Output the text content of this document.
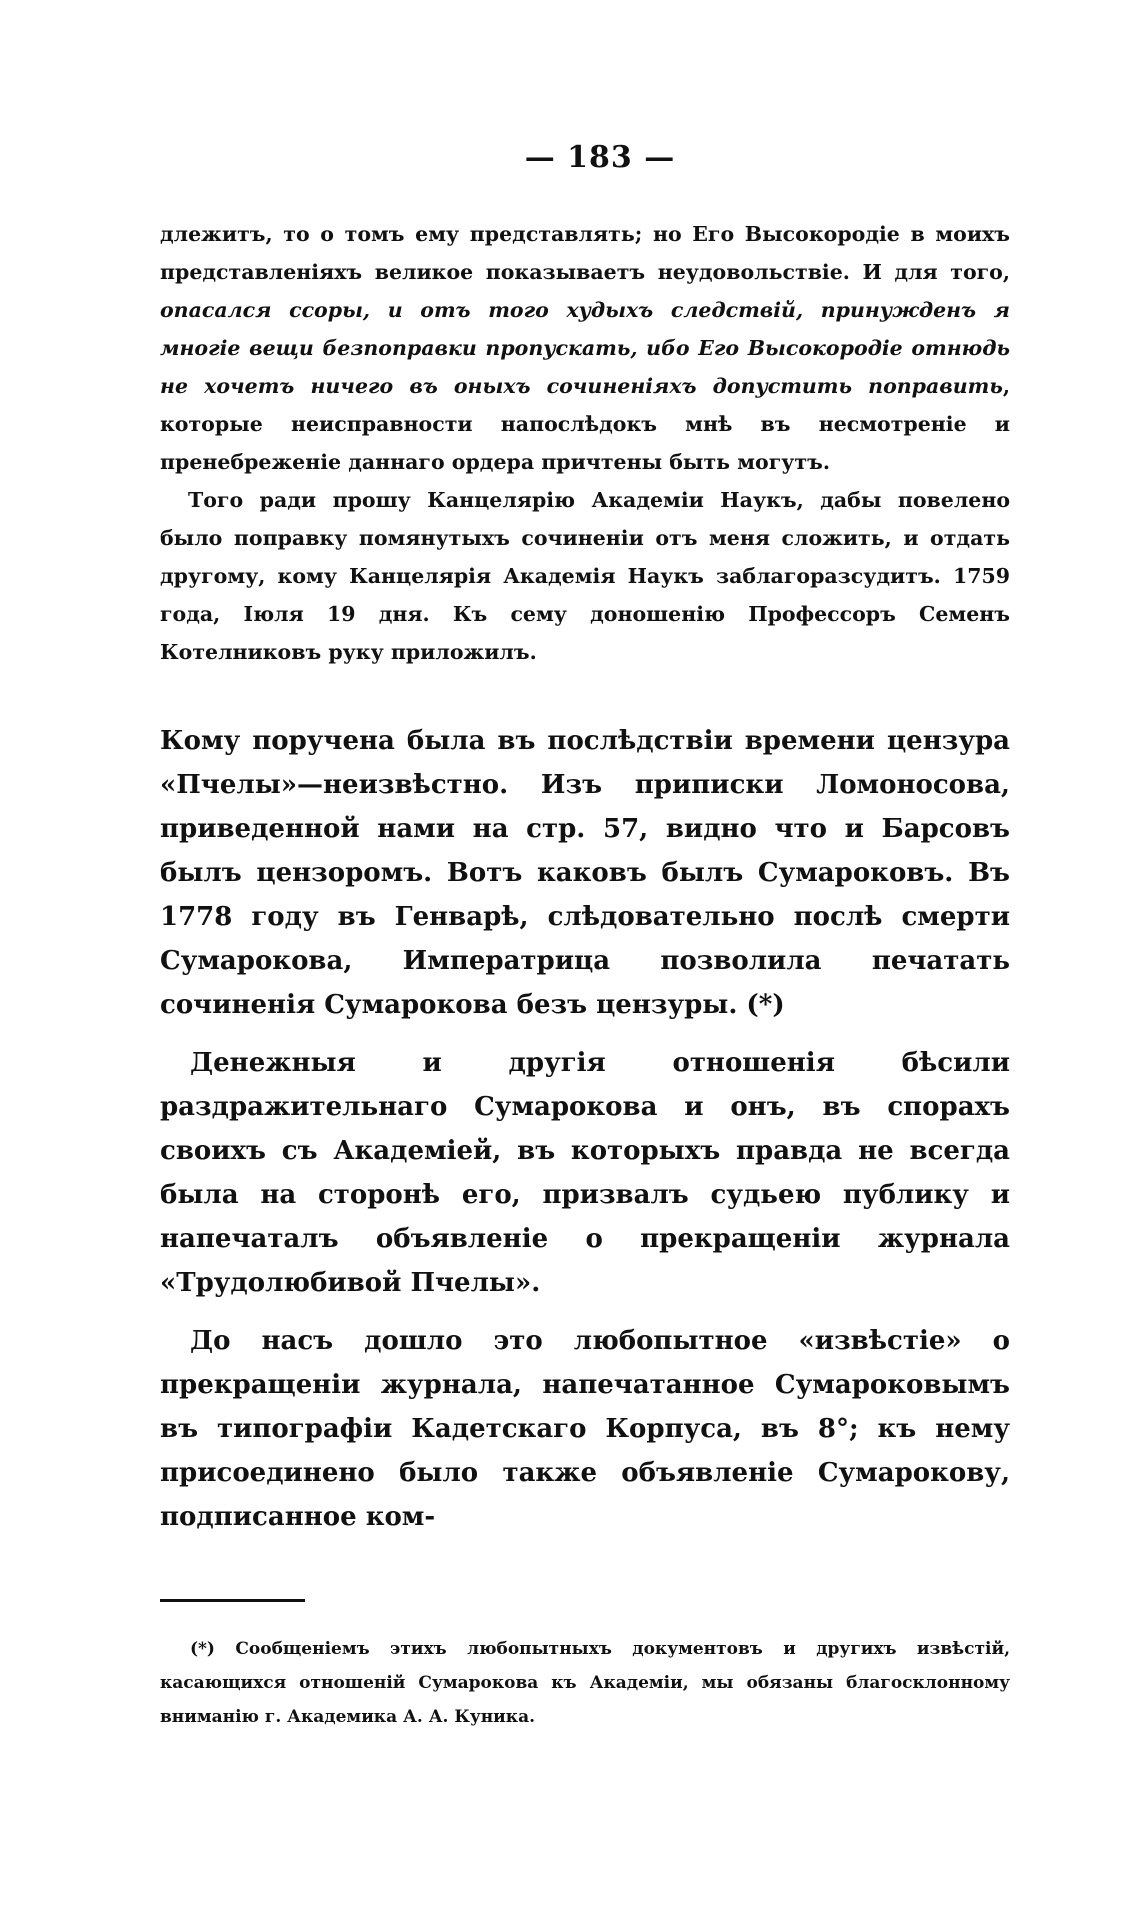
— 183 —

длежитъ, то о томъ ему представлять; но Его Высокородіе в моихъ представленіяхъ великое показываетъ неудовольствіе. И для того, опасался ссоры, и отъ того худыхъ следствій, принужденъ я многіе вещи безпоправки пропускать, ибо Его Высокородіе отнюдь не хочетъ ничего въ оныхъ сочиненіяхъ допустить поправить, которые неисправности напослѣдокъ мнѣ въ несмотреніе и пренебреженіе даннаго ордера причтены быть могутъ.

Того ради прошу Канцелярію Академіи Наукъ, дабы повелено было поправку помянутыхъ сочиненіи отъ меня сложить, и отдать другому, кому Канцелярія Академія Наукъ заблагоразсудитъ. 1759 года, Іюля 19 дня. Къ сему доношенію Профессоръ Семенъ Котелниковъ руку приложилъ.

Кому поручена была въ послѣдствіи времени цензура «Пчелы»—неизвѣстно. Изъ приписки Ломоносова, приведенной нами на стр. 57, видно что и Барсовъ былъ цензоромъ. Вотъ каковъ былъ Сумароковъ. Въ 1778 году въ Генварѣ, слѣдовательно послѣ смерти Сумарокова, Императрица позволила печатать сочиненія Сумарокова безъ цензуры. (*)

Денежныя и другія отношенія бѣсили раздражительнаго Сумарокова и онъ, въ спорахъ своихъ съ Академіей, въ которыхъ правда не всегда была на сторонѣ его, призвалъ судьею публику и напечаталъ объявленіе о прекращеніи журнала «Трудолюбивой Пчелы».

До насъ дошло это любопытное «извѣстіе» о прекращеніи журнала, напечатанное Сумароковымъ въ типографіи Кадетскаго Корпуса, въ 8°; къ нему присоединено было также объявленіе Сумарокову, подписанное ком-

(*) Сообщеніемъ этихъ любопытныхъ документовъ и другихъ извѣстій, касающихся отношеній Сумарокова къ Академіи, мы обязаны благосклонному вниманію г. Академика А. А. Куника.
